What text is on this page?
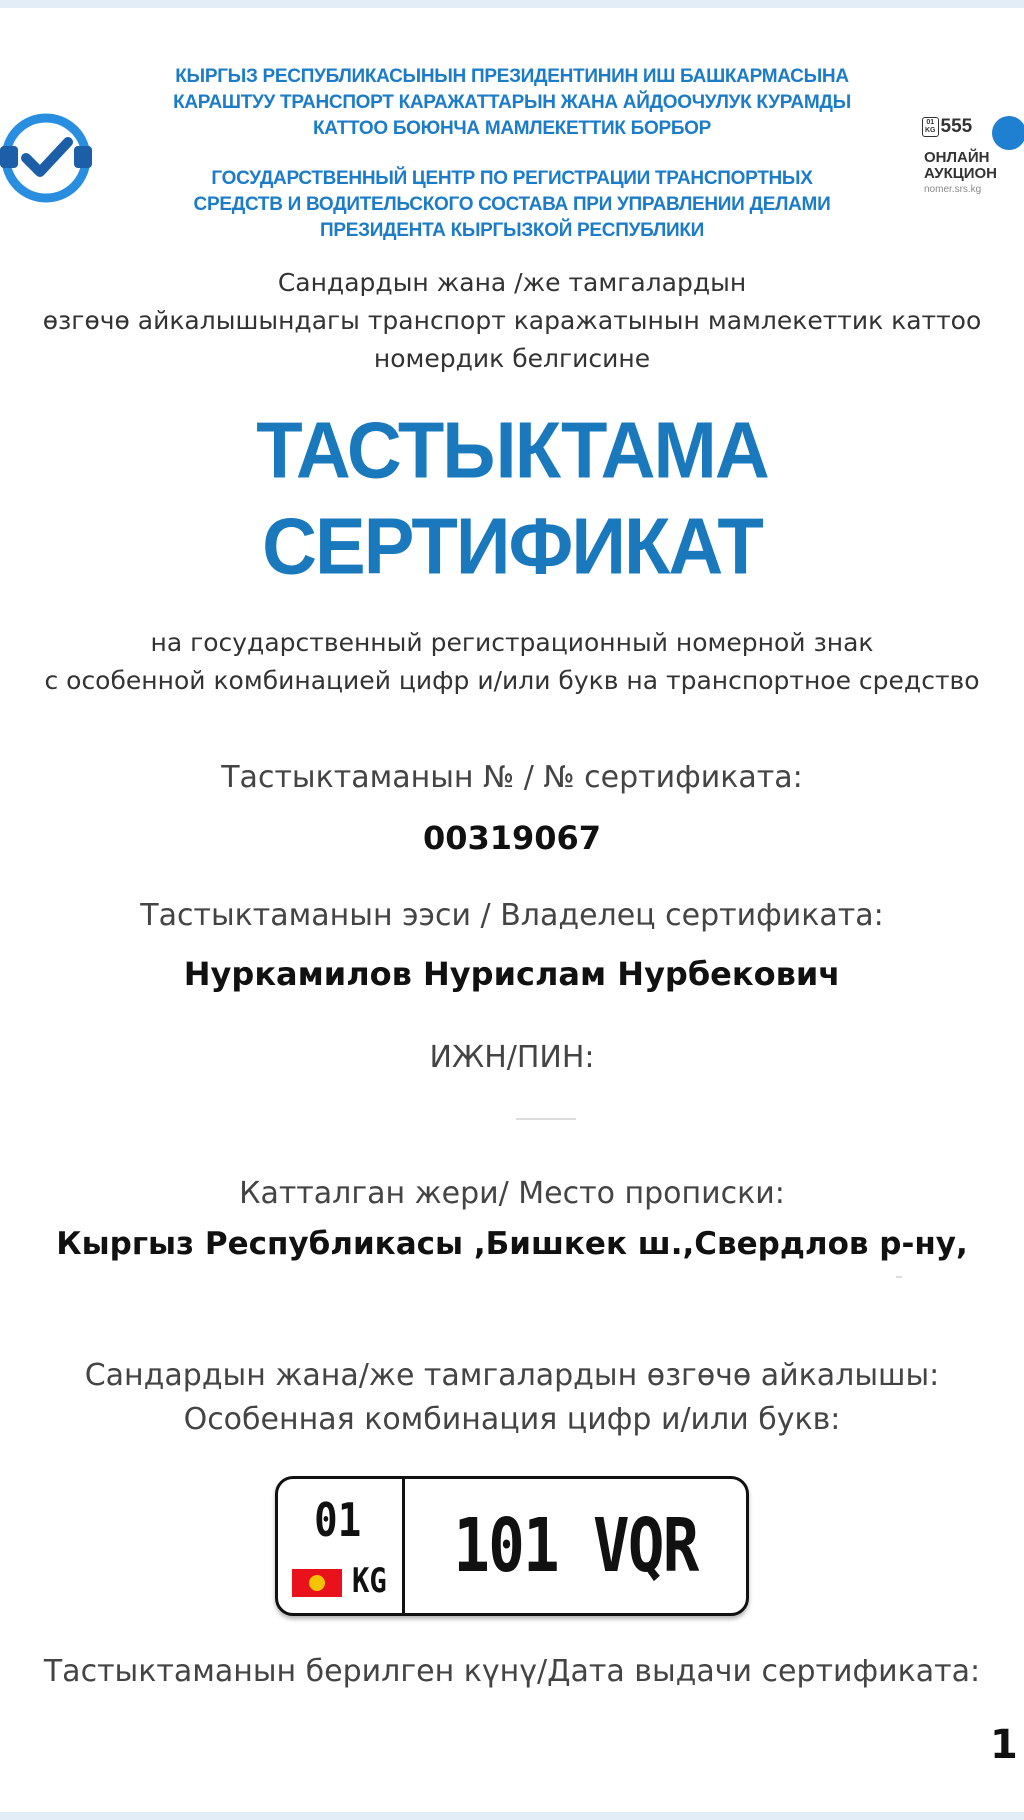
КЫРГЫЗ РЕСПУБЛИКАСЫНЫН ПРЕЗИДЕНТИНИН ИШ БАШКАРМАСЫНА
КАРАШТУУ ТРАНСПОРТ КАРАЖАТТАРЫН ЖАНА АЙДООЧУЛУК КУРАМДЫ
КАТТОО БОЮНЧА МАМЛЕКЕТТИК БОРБОР
ГОСУДАРСТВЕННЫЙ ЦЕНТР ПО РЕГИСТРАЦИИ ТРАНСПОРТНЫХ
СРЕДСТВ И ВОДИТЕЛЬСКОГО СОСТАВА ПРИ УПРАВЛЕНИИ ДЕЛАМИ
ПРЕЗИДЕНТА КЫРГЫЗКОЙ РЕСПУБЛИКИ
01
KG 555
ОНЛАЙН
АУКЦИОН
nomer.srs.kg
Сандардын жана /же тамгалардын
өзгөчө айкалышындагы транспорт каражатынын мамлекеттик каттоо
номердик белгисине
ТАСТЫКТАМА
СЕРТИФИКАТ
на государственный регистрационный номерной знак
с особенной комбинацией цифр и/или букв на транспортное средство
Тастыктаманын № / № сертификата:
00319067
Тастыктаманын ээси / Владелец сертификата:
Нуркамилов Нурислам Нурбекович
ИЖН/ПИН:
Катталган жери/ Место прописки:
Кыргыз Республикасы ,Бишкек ш.,Свердлов р-ну,
Сандардын жана/же тамгалардын өзгөчө айкалышы:
Особенная комбинация цифр и/или букв:
01
KG 101 VQR
Тастыктаманын берилген күнү/Дата выдачи сертификата:
1
